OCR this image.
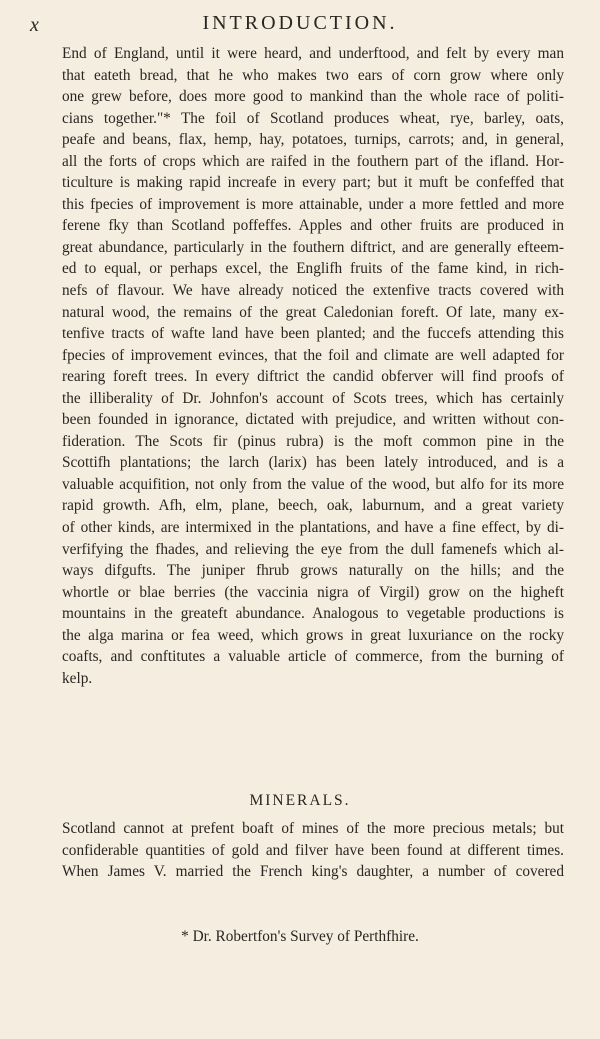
x	INTRODUCTION.
End of England, until it were heard, and underftood, and felt by every man
that eateth bread, that he who makes two ears of corn grow where only
one grew before, does more good to mankind than the whole race of politi-
cians together."* The foil of Scotland produces wheat, rye, barley, oats,
peafe and beans, flax, hemp, hay, potatoes, turnips, carrots; and, in general,
all the forts of crops which are raifed in the fouthern part of the ifland. Hor-
ticulture is making rapid increafe in every part; but it muft be confeffed that
this fpecies of improvement is more attainable, under a more fettled and more
ferene fky than Scotland poffeffes. Apples and other fruits are produced in
great abundance, particularly in the fouthern diftrict, and are generally efteem-
ed to equal, or perhaps excel, the Englifh fruits of the fame kind, in rich-
nefs of flavour. We have already noticed the extenfive tracts covered with
natural wood, the remains of the great Caledonian foreft. Of late, many ex-
tenfive tracts of wafte land have been planted; and the fuccefs attending this
fpecies of improvement evinces, that the foil and climate are well adapted for
rearing foreft trees. In every diftrict the candid obferver will find proofs of
the illiberality of Dr. Johnfon's account of Scots trees, which has certainly
been founded in ignorance, dictated with prejudice, and written without con-
fideration. The Scots fir (pinus rubra) is the moft common pine in the
Scottifh plantations; the larch (larix) has been lately introduced, and is a
valuable acquifition, not only from the value of the wood, but alfo for its more
rapid growth. Afh, elm, plane, beech, oak, laburnum, and a great variety
of other kinds, are intermixed in the plantations, and have a fine effect, by di-
verfifying the fhades, and relieving the eye from the dull famenefs which al-
ways difgufts. The juniper fhrub grows naturally on the hills; and the
whortle or blae berries (the vaccinia nigra of Virgil) grow on the higheft
mountains in the greateft abundance. Analogous to vegetable productions is
the alga marina or fea weed, which grows in great luxuriance on the rocky
coafts, and conftitutes a valuable article of commerce, from the burning of
kelp.
MINERALS.
Scotland cannot at prefent boaft of mines of the more precious metals; but
confiderable quantities of gold and filver have been found at different times.
When James V. married the French king's daughter, a number of covered
* Dr. Robertfon's Survey of Perthfhire.
